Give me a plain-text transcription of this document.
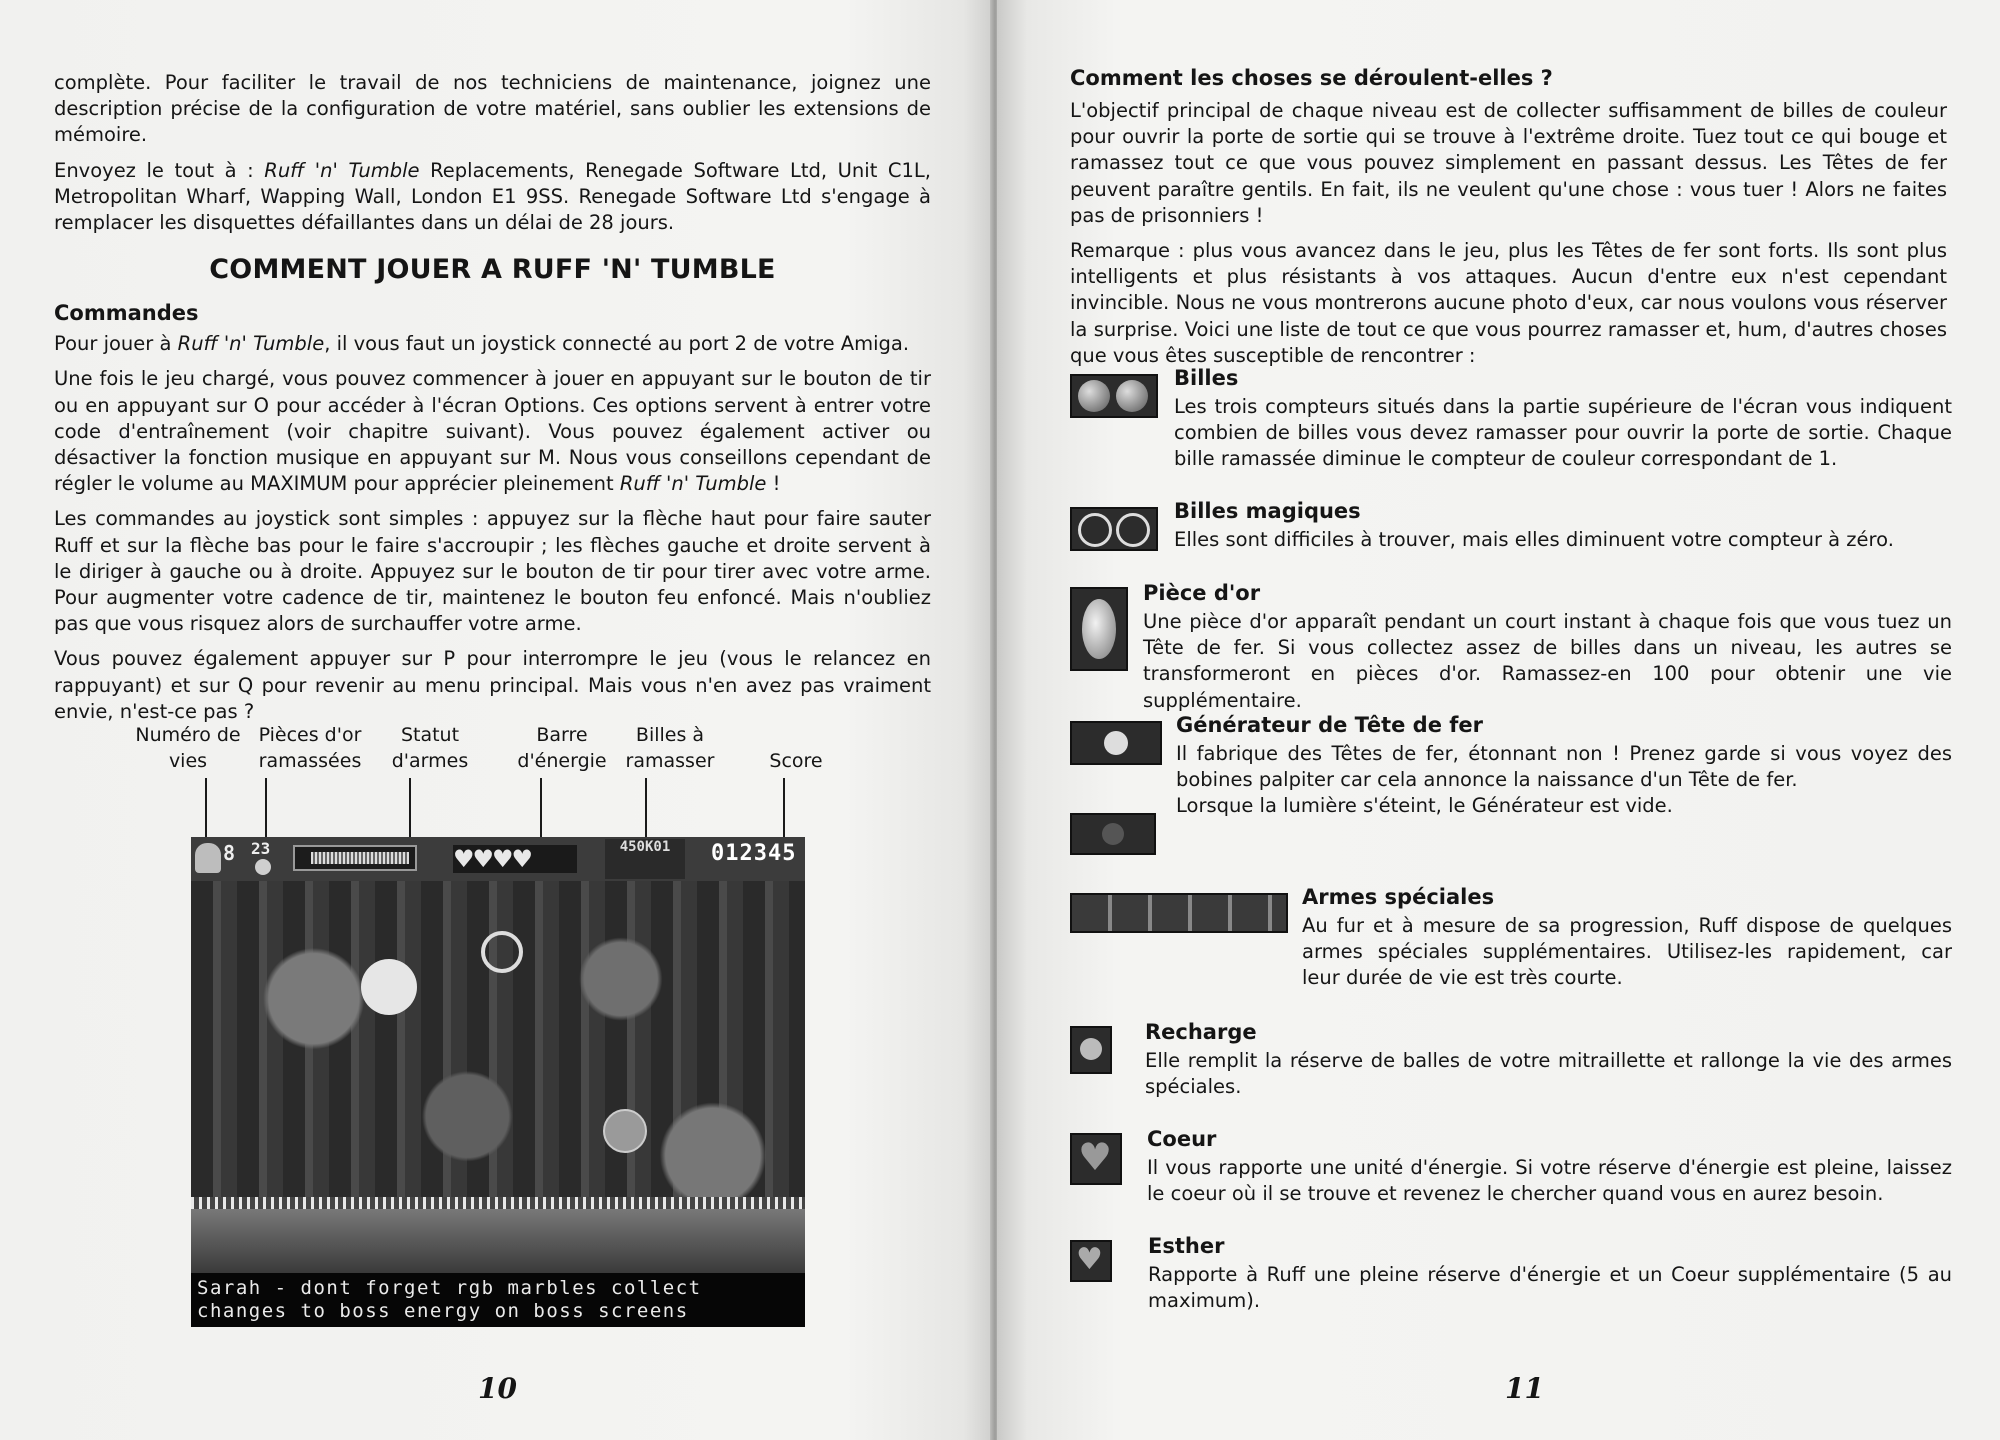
complète. Pour faciliter le travail de nos techniciens de maintenance, joignez une description précise de la configuration de votre matériel, sans oublier les extensions de mémoire.

Envoyez le tout à : Ruff 'n' Tumble Replacements, Renegade Software Ltd, Unit C1L, Metropolitan Wharf, Wapping Wall, London E1 9SS. Renegade Software Ltd s'engage à remplacer les disquettes défaillantes dans un délai de 28 jours.

COMMENT JOUER A RUFF 'N' TUMBLE
Commandes

Pour jouer à Ruff 'n' Tumble, il vous faut un joystick connecté au port 2 de votre Amiga.

Une fois le jeu chargé, vous pouvez commencer à jouer en appuyant sur le bouton de tir ou en appuyant sur O pour accéder à l'écran Options. Ces options servent à entrer votre code d'entraînement (voir chapitre suivant). Vous pouvez également activer ou désactiver la fonction musique en appuyant sur M. Nous vous conseillons cependant de régler le volume au MAXIMUM pour apprécier pleinement Ruff 'n' Tumble !

Les commandes au joystick sont simples : appuyez sur la flèche haut pour faire sauter Ruff et sur la flèche bas pour le faire s'accroupir ; les flèches gauche et droite servent à le diriger à gauche ou à droite. Appuyez sur le bouton de tir pour tirer avec votre arme. Pour augmenter votre cadence de tir, maintenez le bouton feu enfoncé. Mais n'oubliez pas que vous risquez alors de surchauffer votre arme.

Vous pouvez également appuyer sur P pour interrompre le jeu (vous le relancez en rappuyant) et sur Q pour revenir au menu principal. Mais vous n'en avez pas vraiment envie, n'est-ce pas ?

Numéro de
vies
Pièces d'or
ramassées
Statut
d'armes
Barre
d'énergie
Billes à
ramasser	Score
8 23	♥♥♥♥	450K01	012345
Sarah - dont forget rgb marbles collect
changes to boss energy on boss screens
10
Comment les choses se déroulent-elles ?

L'objectif principal de chaque niveau est de collecter suffisamment de billes de couleur pour ouvrir la porte de sortie qui se trouve à l'extrême droite. Tuez tout ce qui bouge et ramassez tout ce que vous pouvez simplement en passant dessus. Les Têtes de fer peuvent paraître gentils. En fait, ils ne veulent qu'une chose : vous tuer ! Alors ne faites pas de prisonniers !

Remarque : plus vous avancez dans le jeu, plus les Têtes de fer sont forts. Ils sont plus intelligents et plus résistants à vos attaques. Aucun d'entre eux n'est cependant invincible. Nous ne vous montrerons aucune photo d'eux, car nous voulons vous réserver la surprise. Voici une liste de tout ce que vous pourrez ramasser et, hum, d'autres choses que vous êtes susceptible de rencontrer :

Billes

Les trois compteurs situés dans la partie supérieure de l'écran vous indiquent combien de billes vous devez ramasser pour ouvrir la porte de sortie. Chaque bille ramassée diminue le compteur de couleur correspondant de 1.

Billes magiques

Elles sont difficiles à trouver, mais elles diminuent votre compteur à zéro.

Pièce d'or

Une pièce d'or apparaît pendant un court instant à chaque fois que vous tuez un Tête de fer. Si vous collectez assez de billes dans un niveau, les autres se transformeront en pièces d'or. Ramassez-en 100 pour obtenir une vie supplémentaire.

Générateur de Tête de fer

Il fabrique des Têtes de fer, étonnant non ! Prenez garde si vous voyez des bobines palpiter car cela annonce la naissance d'un Tête de fer.

Lorsque la lumière s'éteint, le Générateur est vide.

Armes spéciales

Au fur et à mesure de sa progression, Ruff dispose de quelques armes spéciales supplémentaires. Utilisez-les rapidement, car leur durée de vie est très courte.

Recharge

Elle remplit la réserve de balles de votre mitraillette et rallonge la vie des armes spéciales.

♥ Coeur

Il vous rapporte une unité d'énergie. Si votre réserve d'énergie est pleine, laissez le coeur où il se trouve et revenez le chercher quand vous en aurez besoin.

♥ Esther

Rapporte à Ruff une pleine réserve d'énergie et un Coeur supplémentaire (5 au maximum).

11
